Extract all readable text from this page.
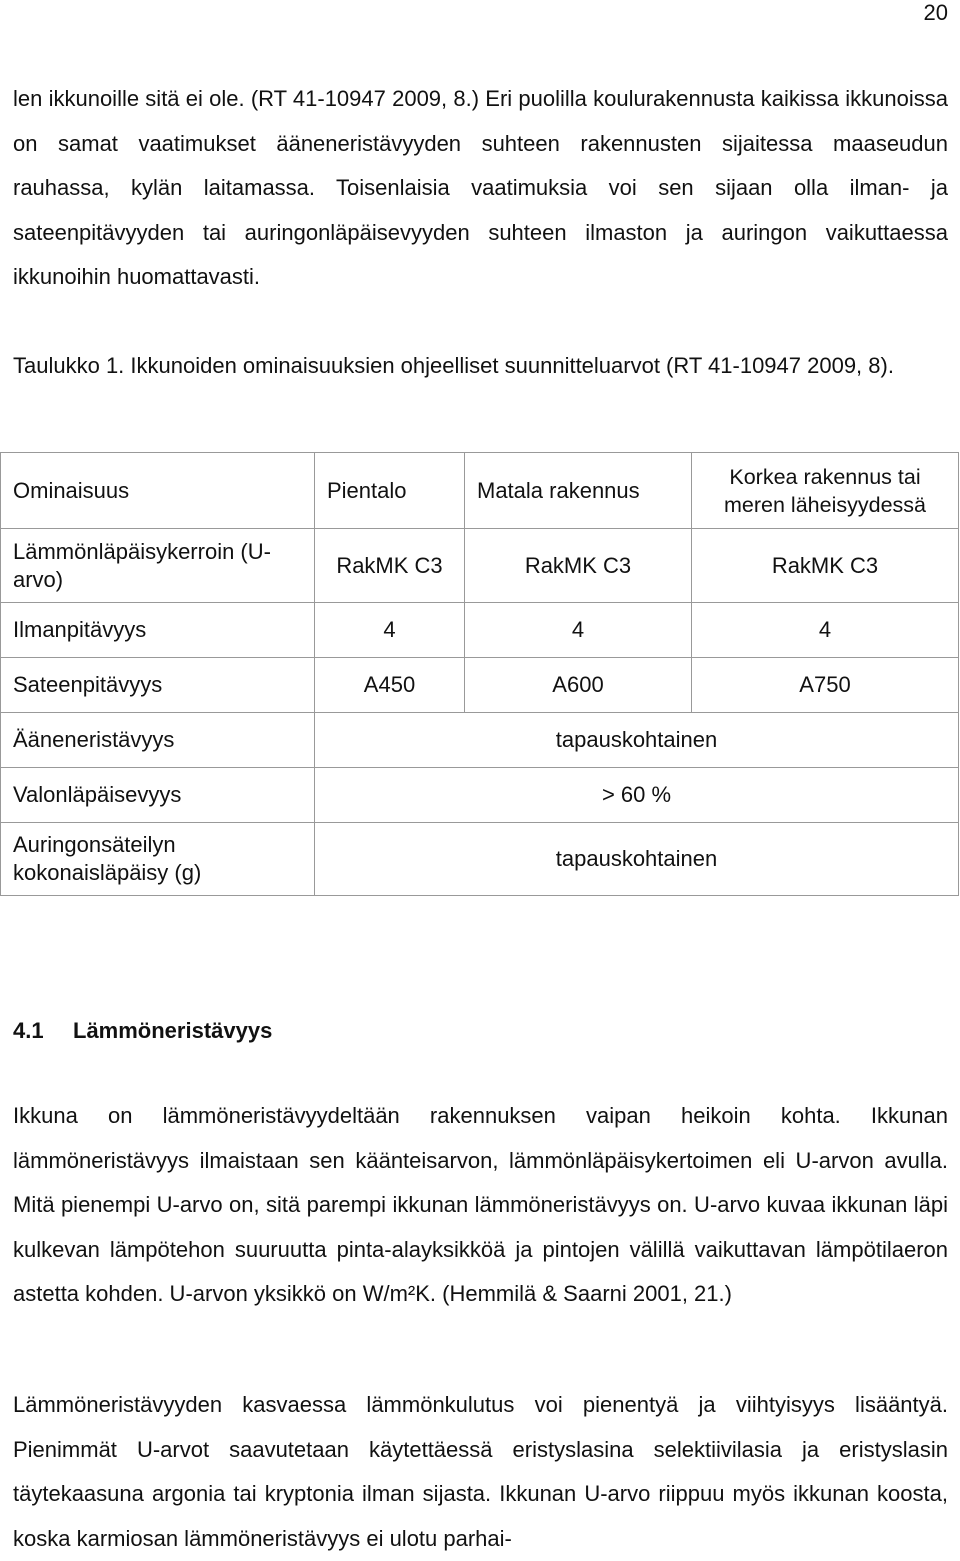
20

len ikkunoille sitä ei ole. (RT 41-10947 2009, 8.) Eri puolilla koulurakennusta kaikissa ikkunoissa on samat vaatimukset ääneneristävyyden suhteen rakennusten sijaitessa maaseudun rauhassa, kylän laitamassa. Toisenlaisia vaatimuksia voi sen sijaan olla ilman- ja sateenpitävyyden tai auringonläpäisevyyden suhteen ilmaston ja auringon vaikuttaessa ikkunoihin huomattavasti.

Taulukko 1. Ikkunoiden ominaisuuksien ohjeelliset suunnitteluarvot (RT 41-10947 2009, 8).

Ominaisuus	Pientalo	Matala rakennus	Korkea rakennus tai meren läheisyydessä
Lämmönläpäisykerroin (U-arvo)	RakMK C3	RakMK C3	RakMK C3
Ilmanpitävyys	4	4	4
Sateenpitävyys	A450	A600	A750
Ääneneristävyys	tapauskohtainen		
Valonläpäisevyys	> 60 %		
Auringonsäteilyn kokonaisläpäisy (g)	tapauskohtainen		
4.1 Lämmöneristävyys

Ikkuna on lämmöneristävyydeltään rakennuksen vaipan heikoin kohta. Ikkunan lämmöneristävyys ilmaistaan sen käänteisarvon, lämmönläpäisykertoimen eli U-arvon avulla. Mitä pienempi U-arvo on, sitä parempi ikkunan lämmöneristävyys on. U-arvo kuvaa ikkunan läpi kulkevan lämpötehon suuruutta pinta-alayksikköä ja pintojen välillä vaikuttavan lämpötilaeron astetta kohden. U-arvon yksikkö on W/m²K. (Hemmilä & Saarni 2001, 21.)

Lämmöneristävyyden kasvaessa lämmönkulutus voi pienentyä ja viihtyisyys lisääntyä. Pienimmät U-arvot saavutetaan käytettäessä eristyslasina selektiivilasia ja eristyslasin täytekaasuna argonia tai kryptonia ilman sijasta. Ikkunan U-arvo riippuu myös ikkunan koosta, koska karmiosan lämmöneristävyys ei ulotu parhai-
